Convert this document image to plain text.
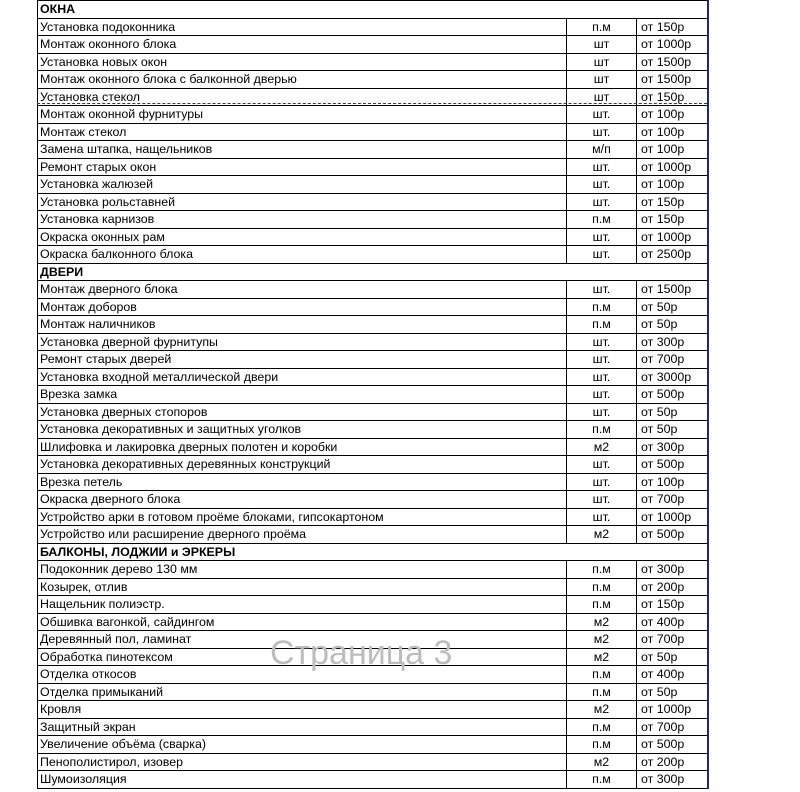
ОКНА		
Установка подоконника	п.м	от 150р
Монтаж оконного блока	шт	от 1000р
Установка новых окон	шт	от 1500р
Монтаж оконного блока с балконной дверью	шт	от 1500р
Установка стекол	шт	от 150р
Монтаж оконной фурнитуры	шт.	от 100р
Монтаж стекол	шт.	от 100р
Замена штапка, нащельников	м/п	от 100р
Ремонт старых окон	шт.	от 1000р
Установка жалюзей	шт.	от 100р
Установка рольставней	шт.	от 150р
Установка карнизов	п.м	от 150р
Окраска оконных рам	шт.	от 1000р
Окраска балконного блока	шт.	от 2500р
ДВЕРИ		
Монтаж дверного блока	шт.	от 1500р
Монтаж доборов	п.м	от 50р
Монтаж наличников	п.м	от 50р
Установка дверной фурнитупы	шт.	от 300р
Ремонт старых дверей	шт.	от 700р
Установка входной металлической двери	шт.	от 3000р
Врезка замка	шт.	от 500р
Установка дверных стопоров	шт.	от 50р
Установка декоративных и защитных уголков	п.м	от 50р
Шлифовка и лакировка дверных полотен и коробки	м2	от 300р
Установка декоративных деревянных конструкций	шт.	от 500р
Врезка петель	шт.	от 100р
Окраска дверного блока	шт.	от 700р
Устройство арки в готовом проёме блоками, гипсокартоном	шт.	от 1000р
Устройство или расширение дверного проёма	м2	от 500р
БАЛКОНЫ, ЛОДЖИИ и ЭРКЕРЫ		
Подоконник дерево 130 мм	п.м	от 300р
Козырек, отлив	п.м	от 200р
Нащельник полиэстр.	п.м	от 150р
Обшивка вагонкой, сайдингом	м2	от 400р
Деревянный пол, ламинат	м2	от 700р
Обработка пинотексом	м2	от 50р
Отделка откосов	п.м	от 400р
Отделка примыканий	п.м	от 50р
Кровля	м2	от 1000р
Защитный экран	п.м	от 700р
Увеличение объёма (сварка)	п.м	от 500р
Пенополистирол, изовер	м2	от 200р
Шумоизоляция	п.м	от 300р
Страница 3
